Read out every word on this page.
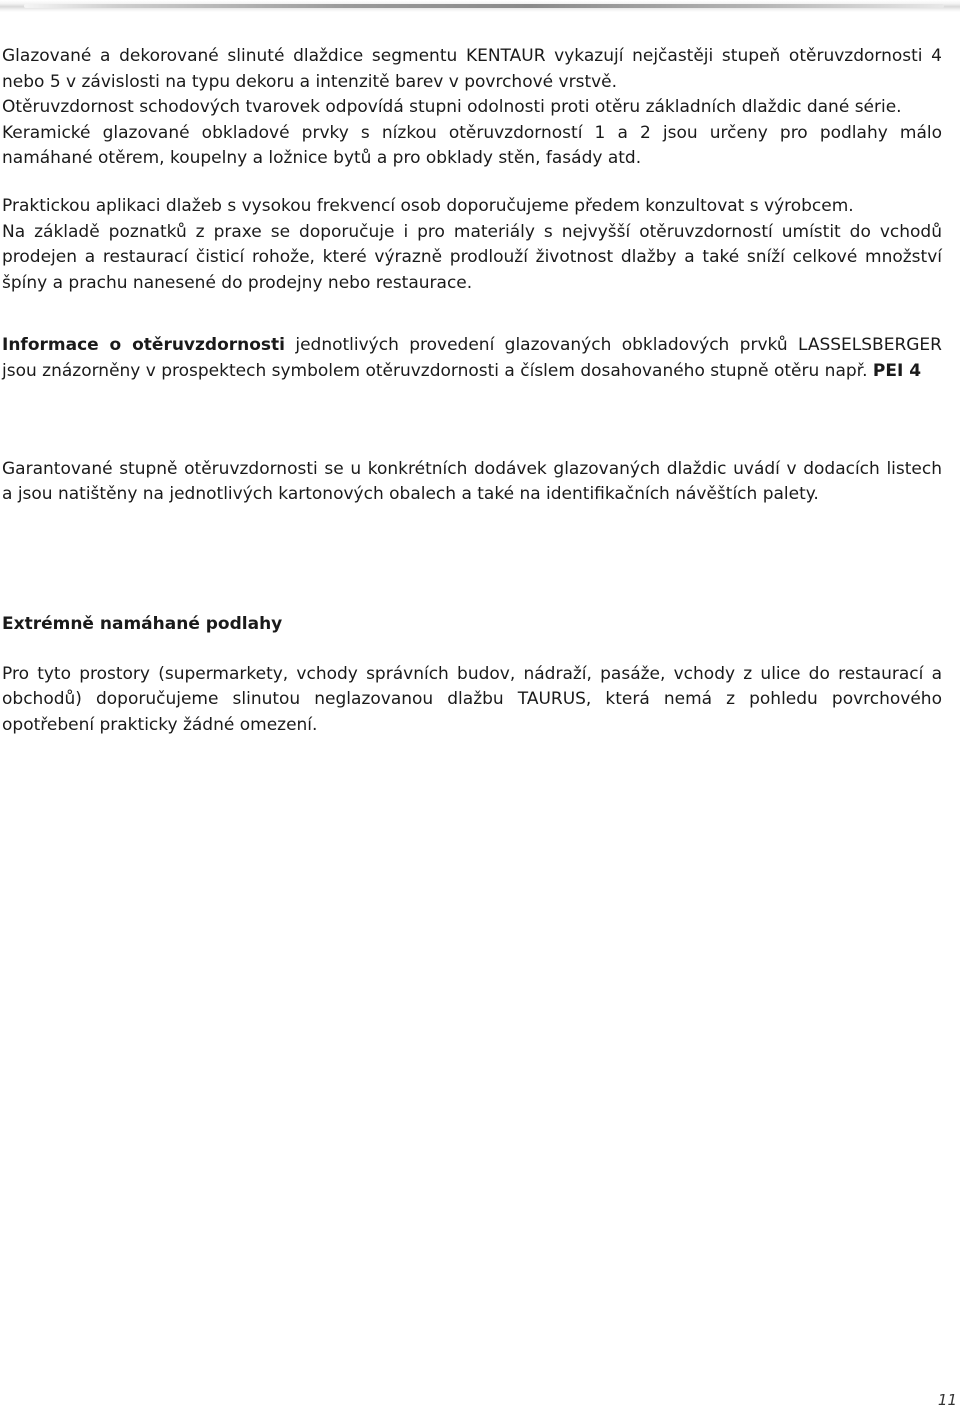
Glazované a dekorované slinuté dlaždice segmentu KENTAUR vykazují nejčastěji stupeň otěruvzdornosti 4 nebo 5 v závislosti na typu dekoru a intenzitě barev v povrchové vrstvě.

Otěruvzdornost schodových tvarovek odpovídá stupni odolnosti proti otěru základních dlaždic dané série.

Keramické glazované obkladové prvky s nízkou otěruvzdorností 1 a 2 jsou určeny pro podlahy málo namáhané otěrem, koupelny a ložnice bytů a pro obklady stěn, fasády atd.

Praktickou aplikaci dlažeb s vysokou frekvencí osob doporučujeme předem konzultovat s výrobcem.

Na základě poznatků z praxe se doporučuje i pro materiály s nejvyšší otěruvzdorností umístit do vchodů prodejen a restaurací čisticí rohože, které výrazně prodlouží životnost dlažby a také sníží celkové množství špíny a prachu nanesené do prodejny nebo restaurace.

Informace o otěruvzdornosti jednotlivých provedení glazovaných obkladových prvků LASSELSBERGER jsou znázorněny v prospektech symbolem otěruvzdornosti a číslem dosahovaného stupně otěru např. PEI 4

Garantované stupně otěruvzdornosti se u konkrétních dodávek glazovaných dlaždic uvádí v dodacích listech a jsou natištěny na jednotlivých kartonových obalech a také na identifikačních návěštích palety.

Extrémně namáhané podlahy

Pro tyto prostory (supermarkety, vchody správních budov, nádraží, pasáže, vchody z ulice do restaurací a obchodů) doporučujeme slinutou neglazovanou dlažbu TAURUS, která nemá z pohledu povrchového opotřebení prakticky žádné omezení.

11
